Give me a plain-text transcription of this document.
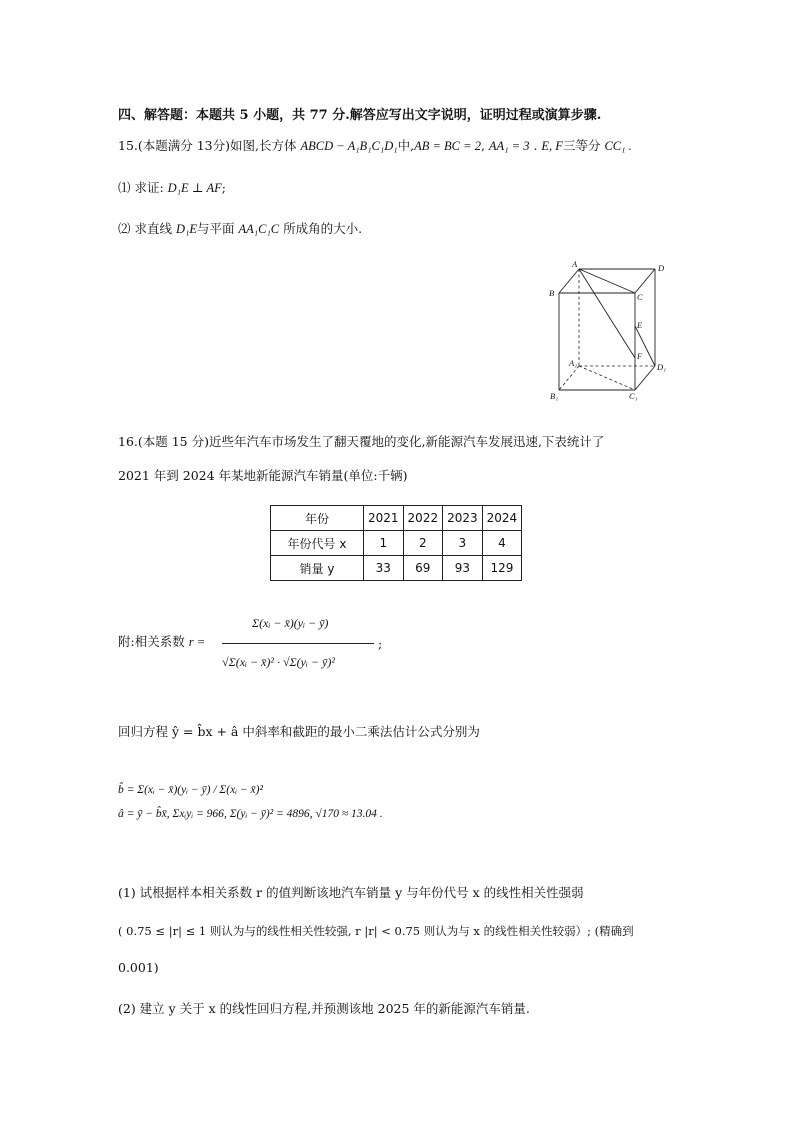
四、解答题：本题共 5 小题，共 77 分.解答应写出文字说明，证明过程或演算步骤.
15.(本题满分 13分)如图,长方体 ABCD − A₁B₁C₁D₁中,AB = BC = 2, AA₁ = 3 . E, F三等分 CC₁ .
⑴ 求证: D₁E ⊥ AF;
⑵ 求直线 D₁E与平面 AA₁C₁C 所成角的大小.
A	D
B	C
E
F
A₁	D₁
B₁	C₁
16.(本题 15 分)近些年汽车市场发生了翻天覆地的变化,新能源汽车发展迅速,下表统计了
2021 年到 2024 年某地新能源汽车销量(单位:千辆)
年份	2021	2022	2023	2024
年份代号 x	1	2	3	4
销量 y	33	69	93	129
附:相关系数 r =
Σ(xᵢ − x̄)(yᵢ − ȳ)
√Σ(xᵢ − x̄)² · √Σ(yᵢ − ȳ)²
;
回归方程 ŷ = b̂x + â 中斜率和截距的最小二乘法估计公式分别为
b̂ = Σ(xᵢ − x̄)(yᵢ − ȳ) / Σ(xᵢ − x̄)²
â = ȳ − b̂x̄, Σxᵢyᵢ = 966, Σ(yᵢ − ȳ)² = 4896, √170 ≈ 13.04 .
(1) 试根据样本相关系数 r 的值判断该地汽车销量 y 与年份代号 x 的线性相关性强弱
( 0.75 ≤ |r| ≤ 1 则认为与的线性相关性较强, r |r| < 0.75 则认为与 x 的线性相关性较弱）; (精确到
0.001)
(2) 建立 y 关于 x 的线性回归方程,并预测该地 2025 年的新能源汽车销量.
